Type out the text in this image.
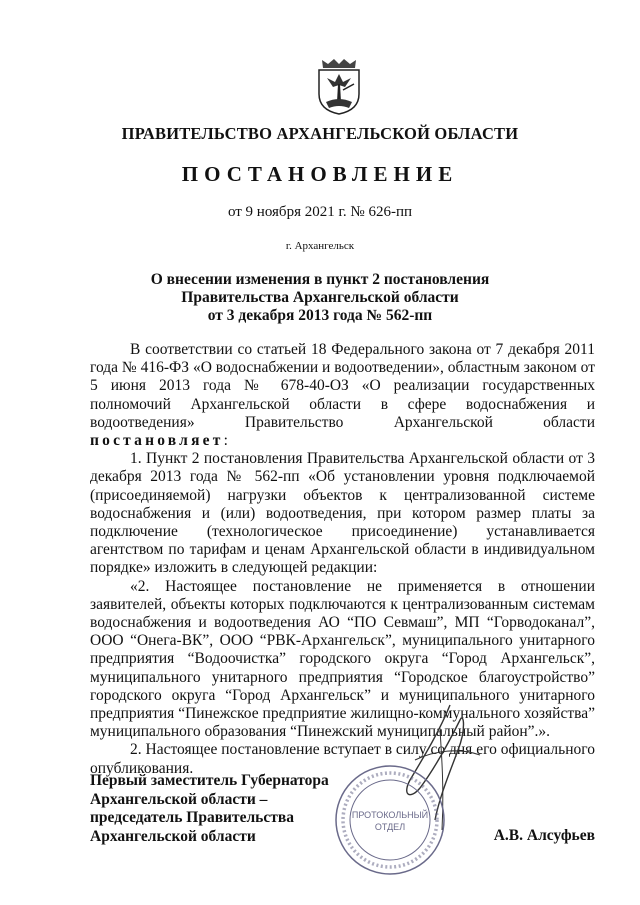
ПРАВИТЕЛЬСТВО АРХАНГЕЛЬСКОЙ ОБЛАСТИ
ПОСТАНОВЛЕНИЕ
от 9 ноября 2021 г. № 626-пп
г. Архангельск
О внесении изменения в пункт 2 постановления
Правительства Архангельской области
от 3 декабря 2013 года № 562-пп

В соответствии со статьей 18 Федерального закона от 7 декабря 2011 года № 416-ФЗ «О водоснабжении и водоотведении», областным законом от 5 июня 2013 года № 678-40-ОЗ «О реализации государственных полномочий Архангельской области в сфере водоснабжения и водоотведения» Правительство Архангельской области постановляет:

1. Пункт 2 постановления Правительства Архангельской области от 3 декабря 2013 года № 562-пп «Об установлении уровня подключаемой (присоединяемой) нагрузки объектов к централизованной системе водоснабжения и (или) водоотведения, при котором размер платы за подключение (технологическое присоединение) устанавливается агентством по тарифам и ценам Архангельской области в индивидуальном порядке» изложить в следующей редакции:

«2. Настоящее постановление не применяется в отношении заявителей, объекты которых подключаются к централизованным системам водоснабжения и водоотведения АО “ПО Севмаш”, МП “Горводоканал”, ООО “Онега-ВК”, ООО “РВК-Архангельск”, муниципального унитарного предприятия “Водоочистка” городского округа “Город Архангельск”, муниципального унитарного предприятия “Городское благоустройство” городского округа “Город Архангельск” и муниципального унитарного предприятия “Пинежское предприятие жилищно-коммунального хозяйства” муниципального образования “Пинежский муниципальный район”.».

2. Настоящее постановление вступает в силу со дня его официального опубликования.

ПРОТОКОЛЬНЫЙ
ОТДЕЛ
Первый заместитель Губернатора
Архангельской области –
председатель Правительства
Архангельской области	А.В. Алсуфьев
